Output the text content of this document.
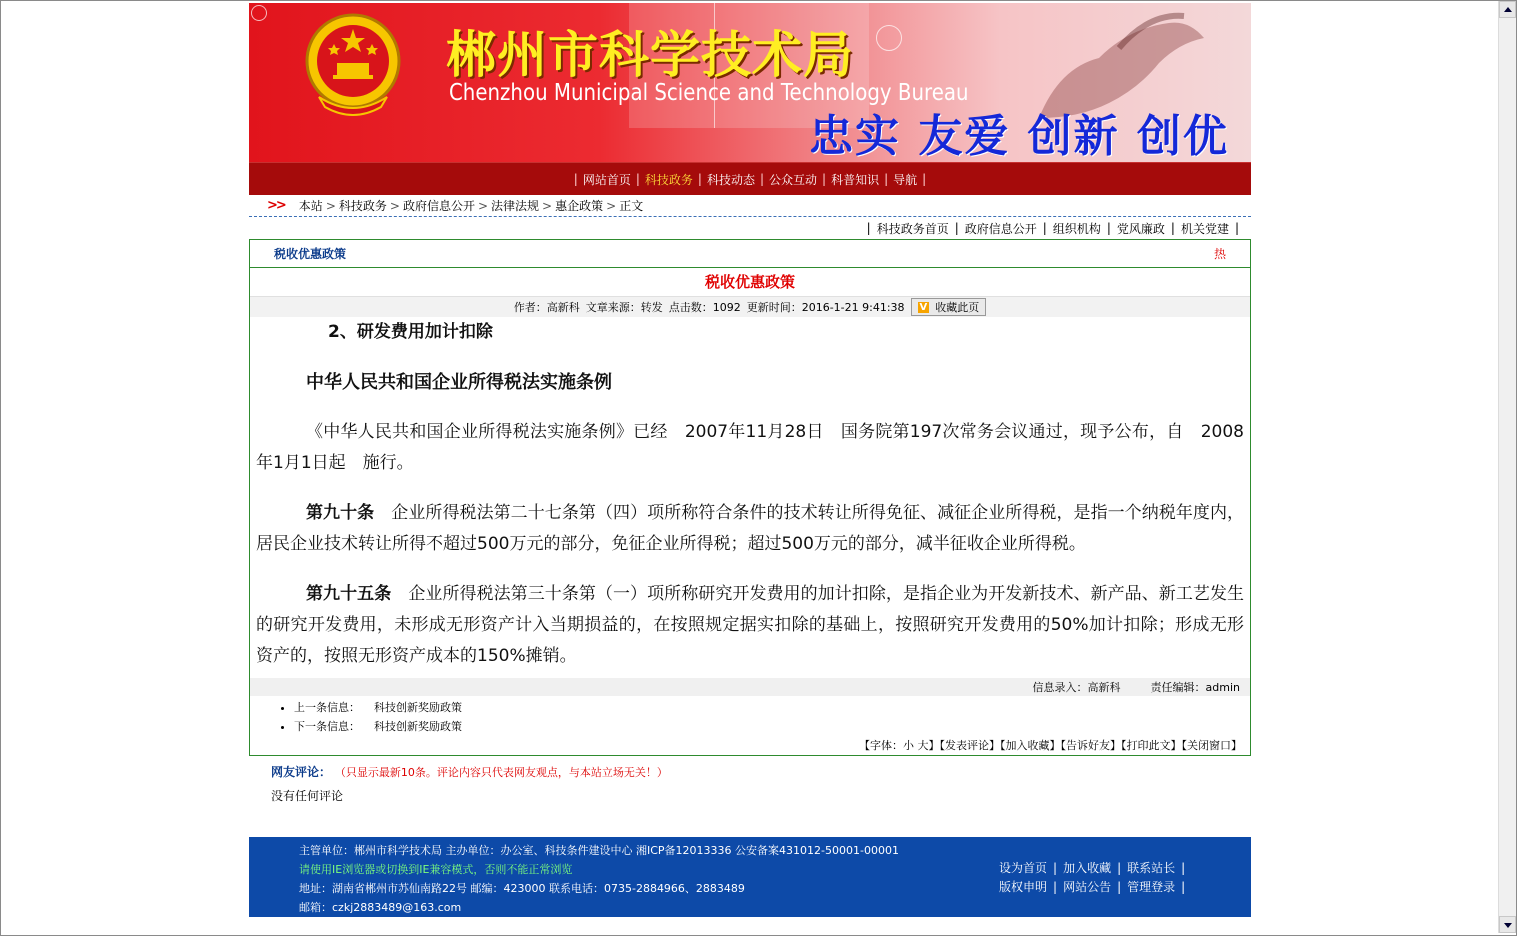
郴州市科学技术局
Chenzhou Municipal Science and Technology Bureau
忠实 友爱 创新 创优
| 网站首页 | 科技政务 | 科技动态 | 公众互动 | 科普知识 | 导航 |
>> 本站 > 科技政务 > 政府信息公开 > 法律法规 > 惠企政策 > 正文
| 科技政务首页 | 政府信息公开 | 组织机构 | 党风廉政 | 机关党建 |
税收优惠政策	热
税收优惠政策
作者：高新科 文章来源：转发 点击数：1092 更新时间：2016-1-21 9:41:38 V 收藏此页

2、研发费用加计扣除

中华人民共和国企业所得税法实施条例

《中华人民共和国企业所得税法实施条例》已经　2007年11月28日　国务院第197次常务会议通过，现予公布，自　2008年1月1日起　施行。

第九十条　企业所得税法第二十七条第（四）项所称符合条件的技术转让所得免征、减征企业所得税，是指一个纳税年度内，居民企业技术转让所得不超过500万元的部分，免征企业所得税；超过500万元的部分，减半征收企业所得税。

第九十五条　企业所得税法第三十条第（一）项所称研究开发费用的加计扣除，是指企业为开发新技术、新产品、新工艺发生的研究开发费用，未形成无形资产计入当期损益的，在按照规定据实扣除的基础上，按照研究开发费用的50%加计扣除；形成无形资产的，按照无形资产成本的150%摊销。

信息录入：高新科	责任编辑：admin
• 上一条信息： 科技创新奖励政策
• 下一条信息： 科技创新奖励政策
【字体：小 大】【发表评论】【加入收藏】【告诉好友】【打印此文】【关闭窗口】
网友评论： （只显示最新10条。评论内容只代表网友观点，与本站立场无关！）
没有任何评论
主管单位：郴州市科学技术局 主办单位：办公室、科技条件建设中心 湘ICP备12013336 公安备案431012-50001-00001
请使用IE浏览器或切换到IE兼容模式，否则不能正常浏览
地址：湖南省郴州市苏仙南路22号 邮编：423000 联系电话：0735-2884966、2883489
邮箱：czkj2883489@163.com
设为首页 | 加入收藏 | 联系站长 |
版权申明 | 网站公告 | 管理登录 |
